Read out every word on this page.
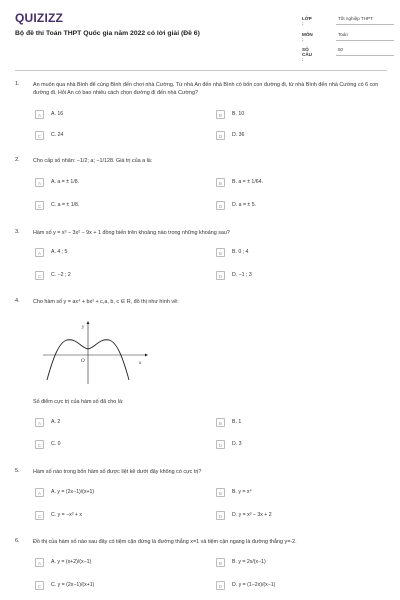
QUIZIZZ
Bộ đề thi Toán THPT Quốc gia năm 2022 có lời giải (Đề 6)
LỚP :
Tốt nghiệp THPT
MÔN :
Toán
SỐ CÂU :
50
1. An muốn qua nhà Bình để cùng Bình đến chơi nhà Cường. Từ nhà An đến nhà Bình có bốn con đường đi, từ nhà Bình đến nhà Cường có 6 con đường đi. Hỏi An có bao nhiêu cách chọn đường đi đến nhà Cường?
A	A. 16	B	B. 10
C	C. 24	D	D. 36
2. Cho cấp số nhân: −1/2; a; −1/128. Giá trị của a là:
A	A. a = ± 1/8.	B	B. a = ± 1/64.
C	C. a = ± 1/8.	D	D. a = ± 5.
3. Hàm số y = x³ − 3x² − 9x + 1 đồng biến trên khoảng nào trong những khoảng sau?
A	A. 4 ; 5	B	B. 0 ; 4
C	C. −2 ; 2	D	D. −1 ; 3
4. Cho hàm số y = ax⁴ + bx² + c,a, b, c ∈ R, đồ thị như hình vẽ:
y
x
O
Số điểm cực trị của hàm số đã cho là:
A	A. 2	B	B. 1
C	C. 0	D	D. 3
5. Hàm số nào trong bốn hàm số được liệt kê dưới đây không có cực trị?
A	A. y = (2x−1)/(x+1)	B	B. y = x⁴
C	C. y = −x³ + x	D	D. y = x³ − 3x + 2
6. Đồ thị của hàm số nào sau đây có tiệm cận đứng là đường thẳng x=1 và tiệm cận ngang là đường thẳng y=-2.
A	A. y = (x+2)/(x−1)	B	B. y = 2x/(x−1)
C	C. y = (2x−1)/(x+1)	D	D. y = (1−2x)/(x−1)
